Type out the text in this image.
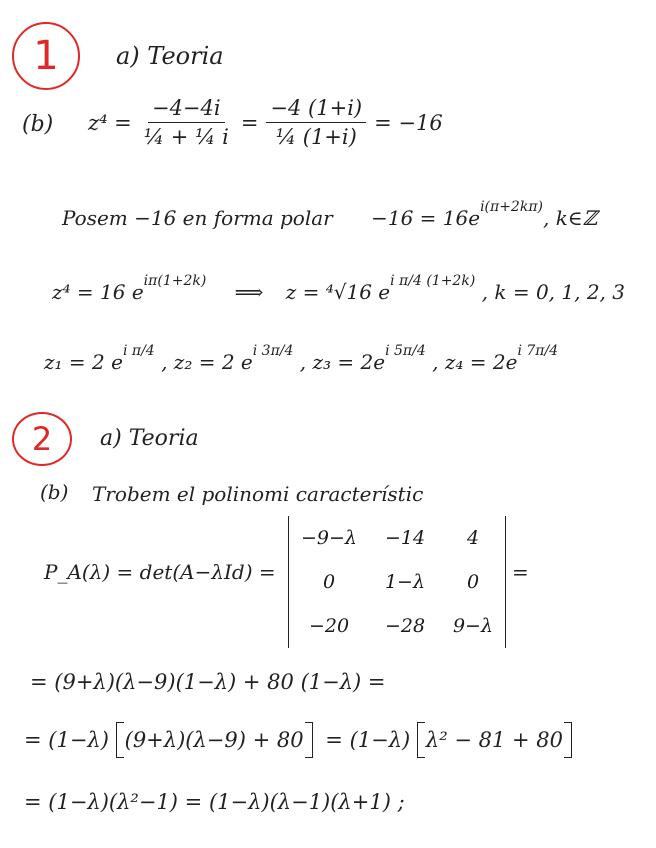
1	a) Teoria
(b) $z^4 = \frac{-4-4i}{\text{¼ + ¼ i}} = \frac{-4 (1+i)}{\text{¼ (1+i)}} = -16$
Posem −16 en forma polar $-16 = 16e^{i(\pi+2k\pi)}$, k∈ℤ
z⁴ = 16 $e^{i\pi(1+2k)}$ ⟹ z = ⁴√16 $e^{i \pi/4 (1+2k)}$ , k = 0, 1, 2, 3
z₁ = 2 $e^{i \pi/4}$ , z₂ = 2 $e^{i 3\pi/4}$ , $z_3 = 2e^{i 5\pi/4}$ , $z_4 = 2e^{i 7\pi/4}$
2	a) Teoria
(b) Trobem el polinomi característic
P_A(λ) = det(A−λId) =
−9−λ −14 4
0	1−λ 0
−20 −28 9−λ
=
= (9+λ)(λ−9)(1−λ) + 80 (1−λ) =
= (1−λ) (9+λ)(λ−9) + 80 = (1−λ) λ² − 81 + 80
= (1−λ)(λ²−1) = (1−λ)(λ−1)(λ+1) ;
